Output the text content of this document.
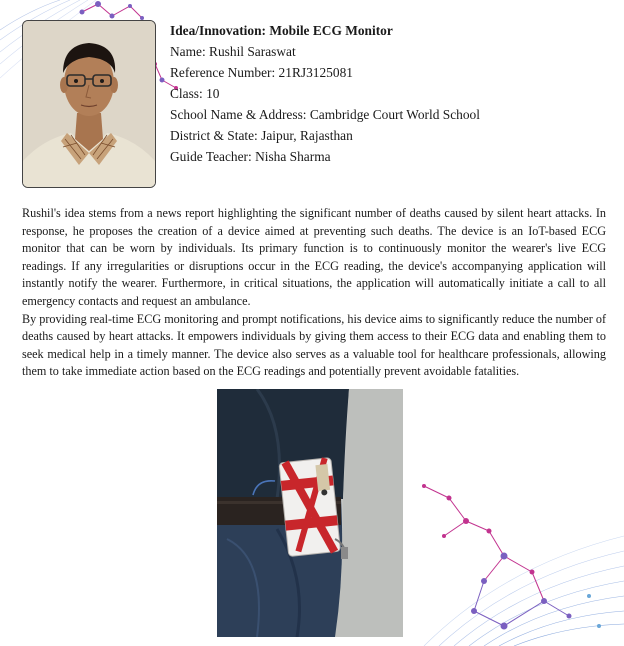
Idea/Innovation: Mobile ECG Monitor
Name: Rushil Saraswat
Reference Number: 21RJ3125081
Class: 10
School Name & Address: Cambridge Court World School
District & State: Jaipur, Rajasthan
Guide Teacher: Nisha Sharma

Rushil's idea stems from a news report highlighting the significant number of deaths caused by silent heart attacks. In response, he proposes the creation of a device aimed at preventing such deaths. The device is an IoT-based ECG monitor that can be worn by individuals. Its primary function is to continuously monitor the wearer's live ECG readings. If any irregularities or disruptions occur in the ECG reading, the device's accompanying application will instantly notify the wearer. Furthermore, in critical situations, the application will automatically initiate a call to all emergency contacts and request an ambulance.

By providing real-time ECG monitoring and prompt notifications, his device aims to significantly reduce the number of deaths caused by heart attacks. It empowers individuals by giving them access to their ECG data and enabling them to seek medical help in a timely manner. The device also serves as a valuable tool for healthcare professionals, allowing them to take immediate action based on the ECG readings and potentially prevent avoidable fatalities.
